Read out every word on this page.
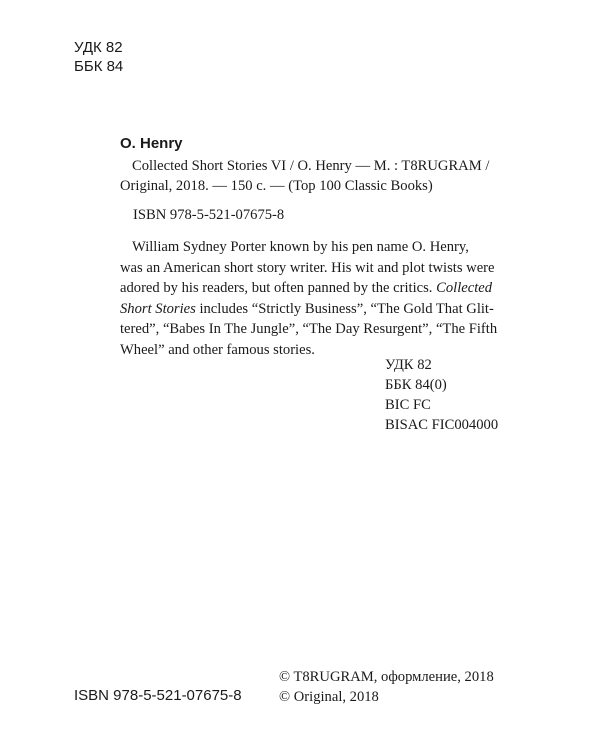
УДК 82
ББК 84
O. Henry
Collected Short Stories VI / O. Henry — M. : T8RUGRAM /
Original, 2018. — 150 c. — (Top 100 Classic Books)
ISBN 978-5-521-07675-8
William Sydney Porter known by his pen name O. Henry,
was an American short story writer. His wit and plot twists were
adored by his readers, but often panned by the critics. Collected
Short Stories includes “Strictly Business”, “The Gold That Glit-
tered”, “Babes In The Jungle”, “The Day Resurgent”, “The Fifth
Wheel” and other famous stories.
УДК 82
ББК 84(0)
BIC FC
BISAC FIC004000
© T8RUGRAM, оформление, 2018
© Original, 2018
ISBN 978-5-521-07675-8
